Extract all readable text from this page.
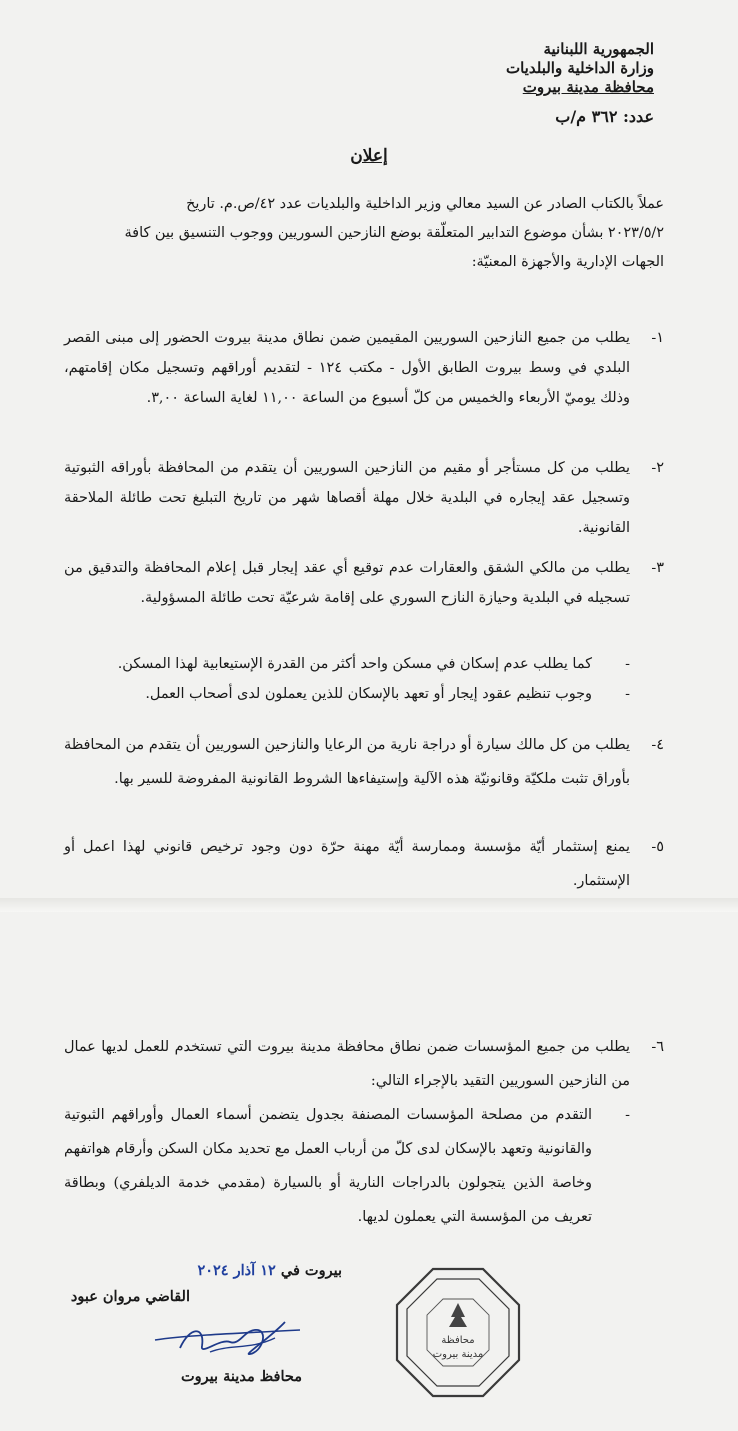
الجمهورية اللبنانية
وزارة الداخلية والبلديات
محافظة مدينة بيروت
عدد: ٣٦٢ م/ب
إعلان
عملاً بالكتاب الصادر عن السيد معالي وزير الداخلية والبلديات عدد ٤٢/ص.م. تاريخ
٢٠٢٣/٥/٢ بشأن موضوع التدابير المتعلّقة بوضع النازحين السوريين ووجوب التنسيق بين كافة
الجهات الإدارية والأجهزة المعنيّة:
١-
يطلب من جميع النازحين السوريين المقيمين ضمن نطاق مدينة بيروت الحضور إلى مبنى القصر البلدي في وسط بيروت الطابق الأول - مكتب ١٢٤ - لتقديم أوراقهم وتسجيل مكان إقامتهم، وذلك يوميّ الأربعاء والخميس من كلّ أسبوع من الساعة ١١,٠٠ لغاية الساعة ٣,٠٠.
٢-
يطلب من كل مستأجر أو مقيم من النازحين السوريين أن يتقدم من المحافظة بأوراقه الثبوتية وتسجيل عقد إيجاره في البلدية خلال مهلة أقصاها شهر من تاريخ التبليغ تحت طائلة الملاحقة القانونية.
٣-
يطلب من مالكي الشقق والعقارات عدم توقيع أي عقد إيجار قبل إعلام المحافظة والتدقيق من تسجيله في البلدية وحيازة النازح السوري على إقامة شرعيّة تحت طائلة المسؤولية.
-
كما يطلب عدم إسكان في مسكن واحد أكثر من القدرة الإستيعابية لهذا المسكن.
-
وجوب تنظيم عقود إيجار أو تعهد بالإسكان للذين يعملون لدى أصحاب العمل.
٤-
يطلب من كل مالك سيارة أو دراجة نارية من الرعايا والنازحين السوريين أن يتقدم من المحافظة بأوراق تثبت ملكيّة وقانونيّة هذه الآلية وإستيفاءها الشروط القانونية المفروضة للسير بها.
٥-
يمنع إستثمار أيّة مؤسسة وممارسة أيّة مهنة حرّة دون وجود ترخيص قانوني لهذا اعمل أو الإستثمار.
٦-
يطلب من جميع المؤسسات ضمن نطاق محافظة مدينة بيروت التي تستخدم للعمل لديها عمال من النازحين السوريين التقيد بالإجراء التالي:
-
التقدم من مصلحة المؤسسات المصنفة بجدول يتضمن أسماء العمال وأوراقهم الثبوتية والقانونية وتعهد بالإسكان لدى كلّ من أرباب العمل مع تحديد مكان السكن وأرقام هواتفهم وخاصة الذين يتجولون بالدراجات النارية أو بالسيارة (مقدمي خدمة الديلفري) وبطاقة تعريف من المؤسسة التي يعملون لديها.
بيروت في ١٢ آذار ٢٠٢٤
القاضي مروان عبود
محافظ مدينة بيروت
محافظة
مدينة بيروت
